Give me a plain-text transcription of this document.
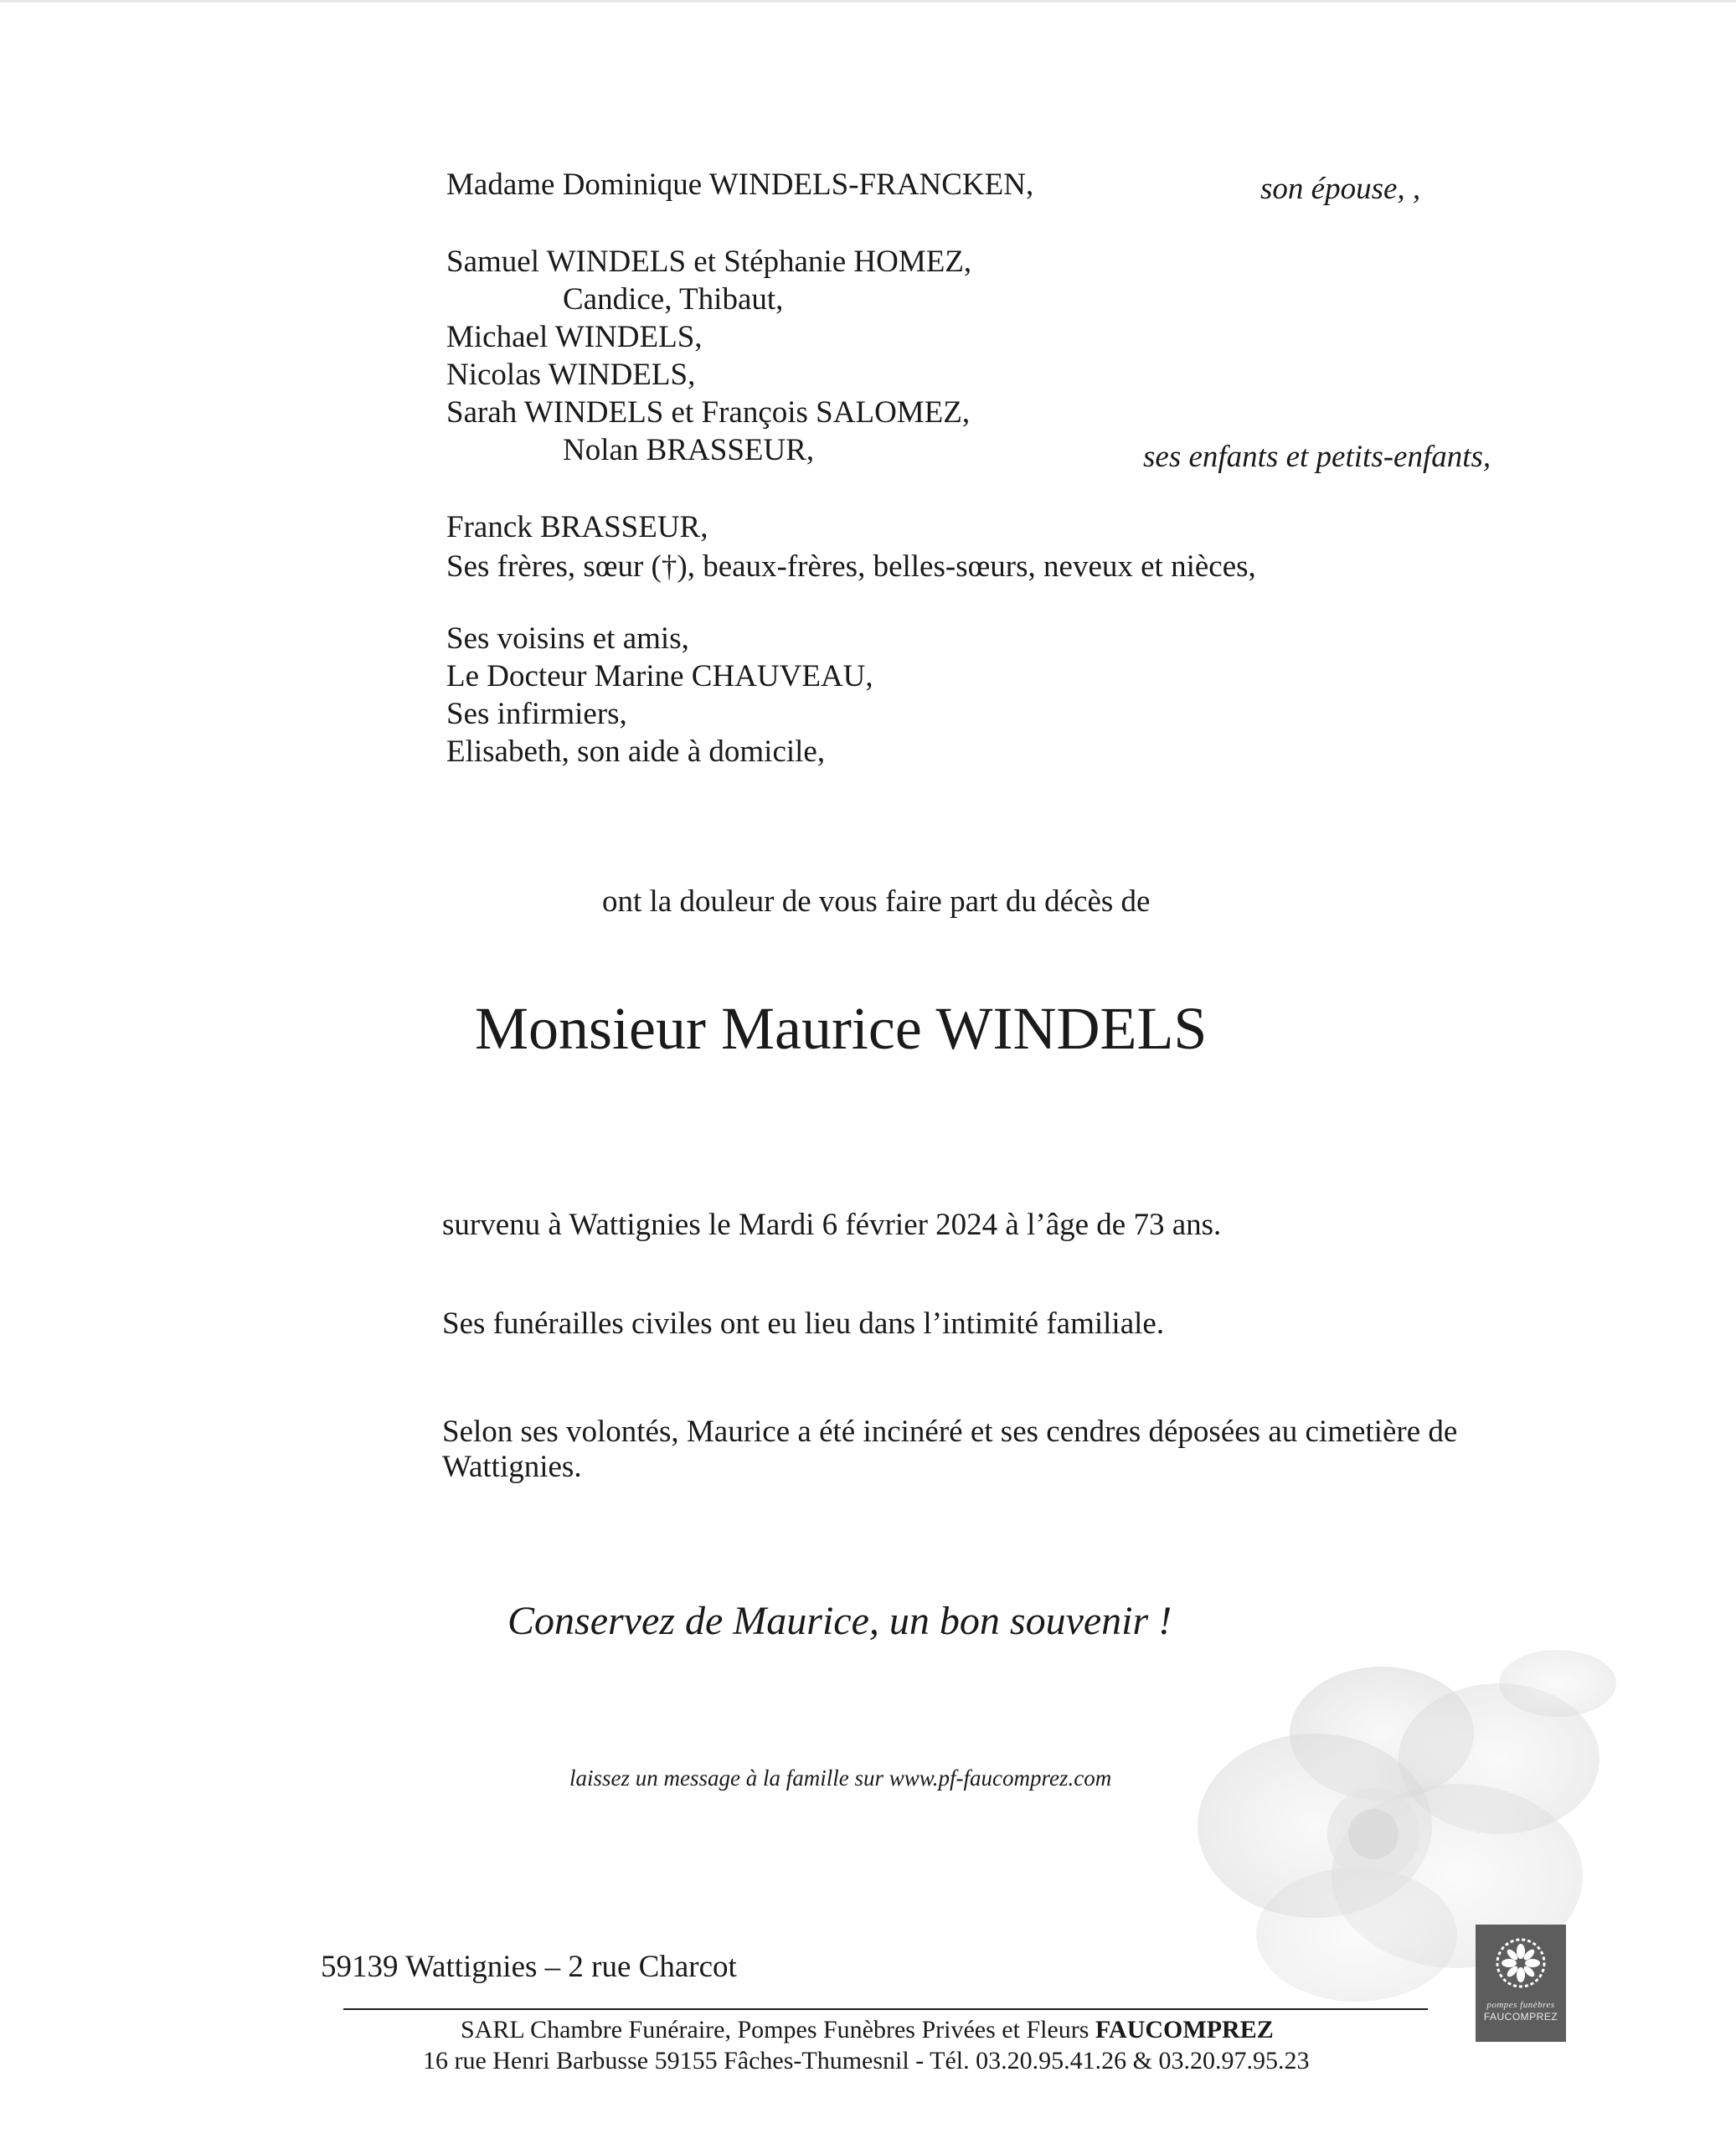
Madame Dominique WINDELS-FRANCKEN,	son épouse, ,
Samuel WINDELS et Stéphanie HOMEZ,
Candice, Thibaut,
Michael WINDELS,
Nicolas WINDELS,
Sarah WINDELS et François SALOMEZ,
Nolan BRASSEUR,	ses enfants et petits-enfants,
Franck BRASSEUR,
Ses frères, sœur (†), beaux-frères, belles-sœurs, neveux et nièces,
Ses voisins et amis,
Le Docteur Marine CHAUVEAU,
Ses infirmiers,
Elisabeth, son aide à domicile,
ont la douleur de vous faire part du décès de
Monsieur Maurice WINDELS
survenu à Wattignies le Mardi 6 février 2024 à l’âge de 73 ans.
Ses funérailles civiles ont eu lieu dans l’intimité familiale.
Selon ses volontés, Maurice a été incinéré et ses cendres déposées au cimetière de
Wattignies.
Conservez de Maurice, un bon souvenir !
laissez un message à la famille sur www.pf-faucomprez.com
59139 Wattignies – 2 rue Charcot
SARL Chambre Funéraire, Pompes Funèbres Privées et Fleurs FAUCOMPREZ
16 rue Henri Barbusse 59155 Fâches-Thumesnil - Tél. 03.20.95.41.26 & 03.20.97.95.23
pompes funèbres
FAUCOMPREZ
